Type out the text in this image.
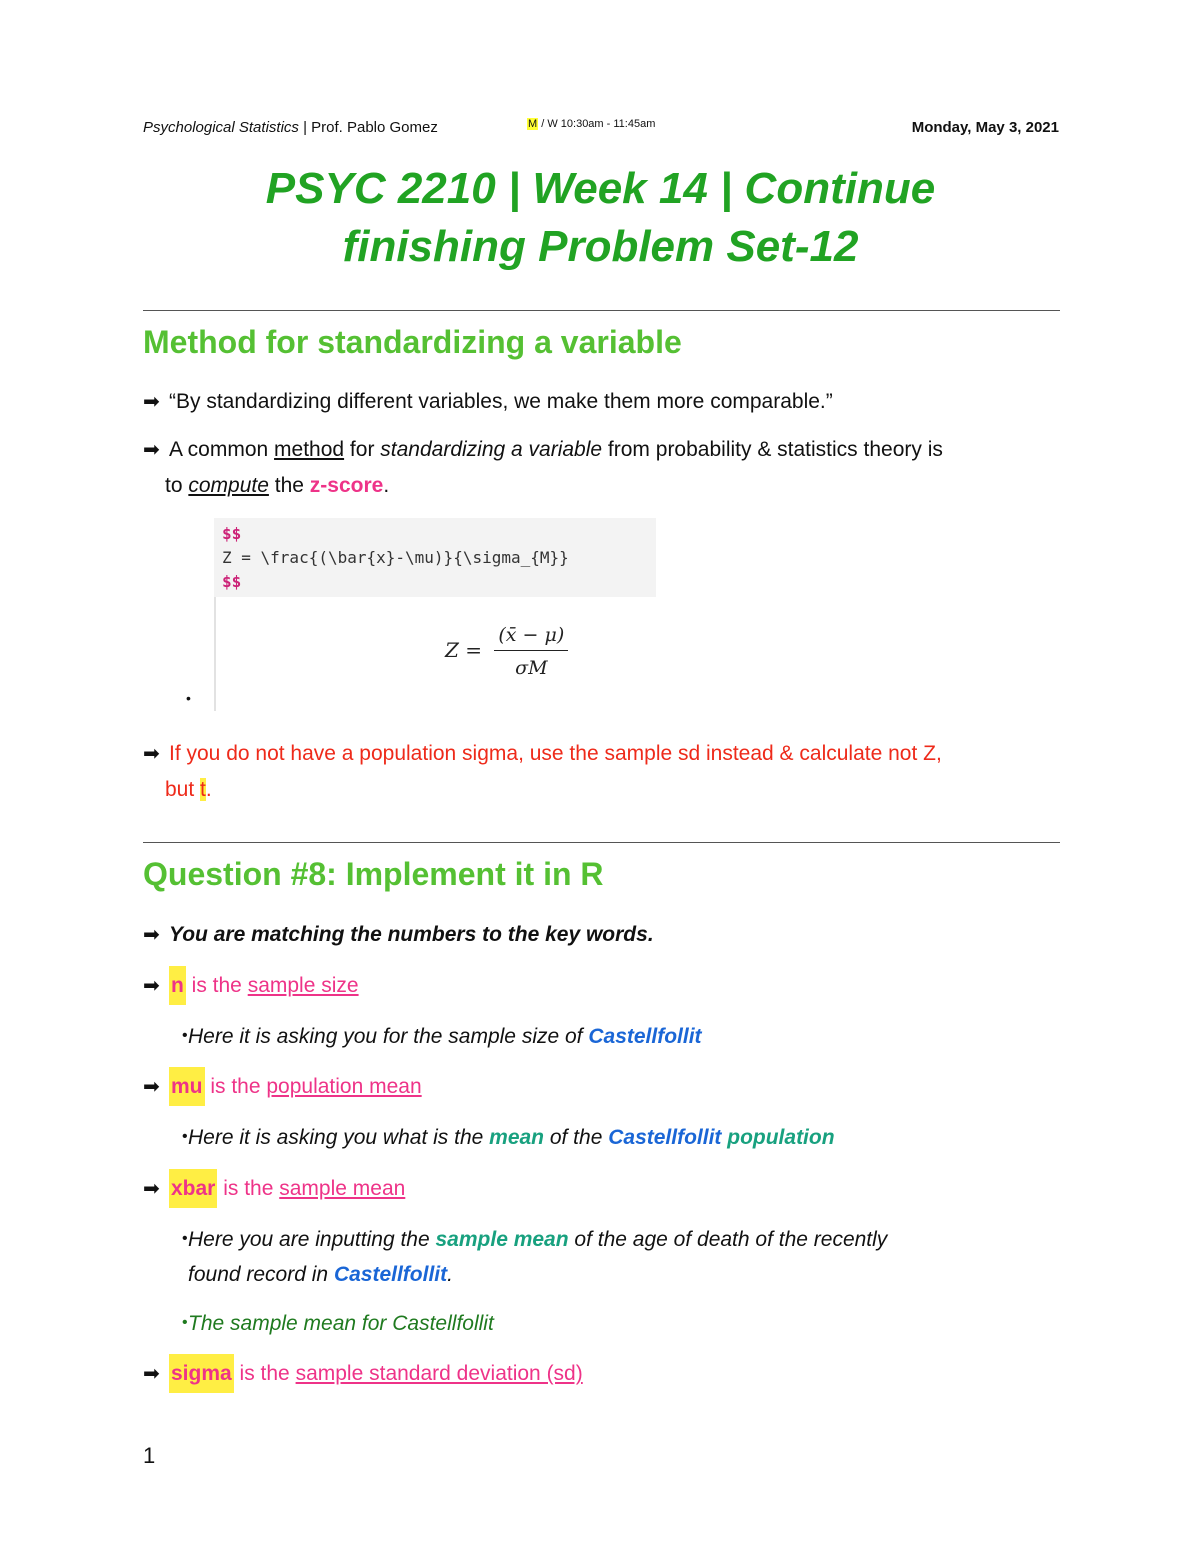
Psychological Statistics | Prof. Pablo Gomez	M / W 10:30am - 11:45am	Monday, May 3, 2021
PSYC 2210 | Week 14 | Continue
finishing Problem Set-12
Method for standardizing a variable
➡ “By standardizing different variables, we make them more comparable.”
➡ A common method for standardizing a variable from probability & statistics theory is
to compute the z-score.
$$
Z = \frac{(\bar{x}-\mu)}{\sigma_{M}}
$$
$Z = \frac{(x̄ - \mu)}{\sigma M}$
•
➡ If you do not have a population sigma, use the sample sd instead & calculate not Z,
but t.
Question #8: Implement it in R
➡ You are matching the numbers to the key words.
➡ n is the sample size
• Here it is asking you for the sample size of Castellfollit
➡ mu is the population mean
• Here it is asking you what is the mean of the Castellfollit population
➡ xbar is the sample mean
• Here you are inputting the sample mean of the age of death of the recently
found record in Castellfollit.
• The sample mean for Castellfollit
➡ sigma is the sample standard deviation (sd)
1
